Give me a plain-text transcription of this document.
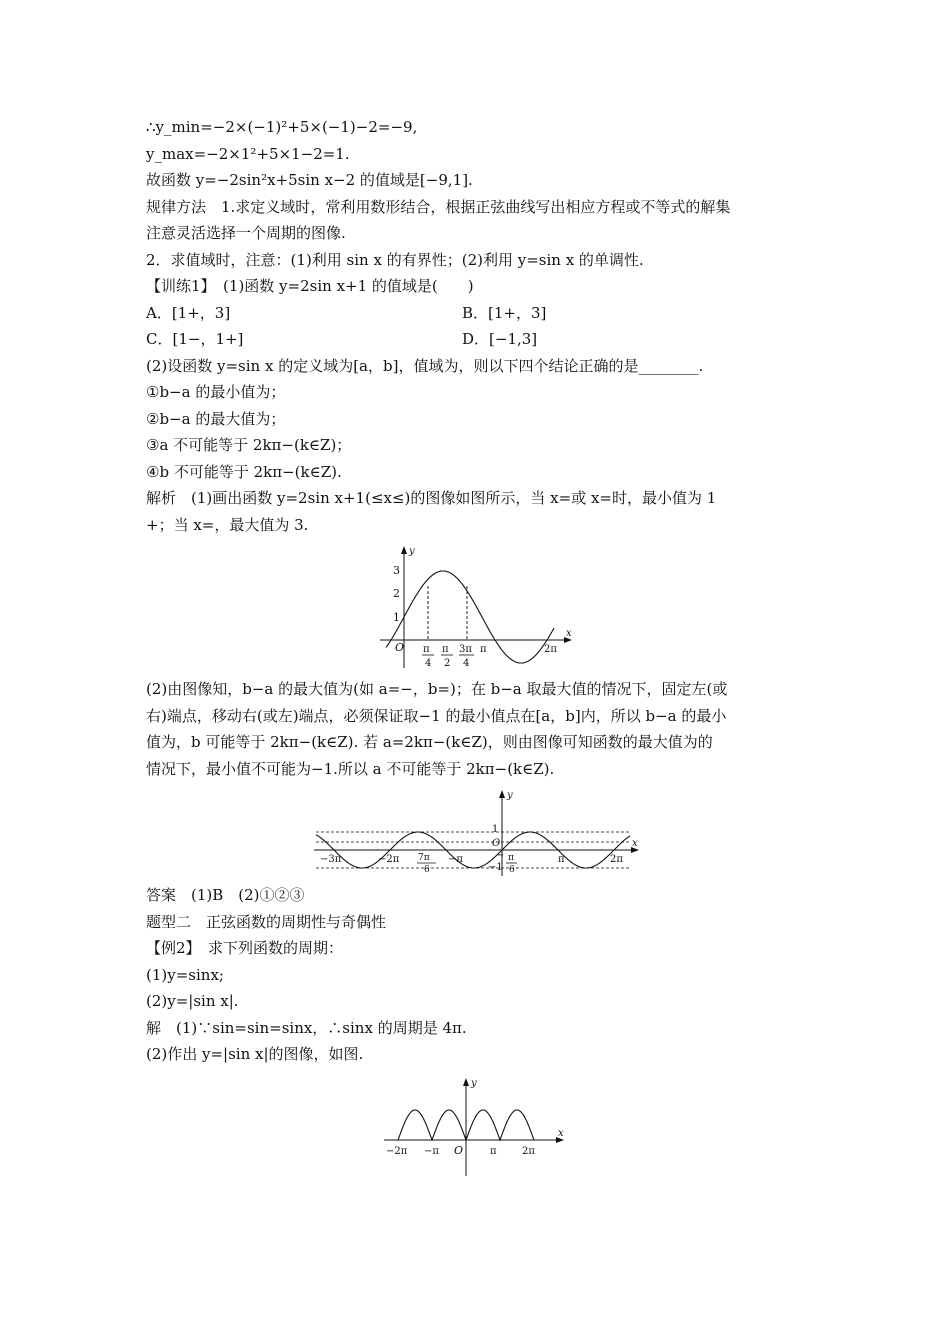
∴y_min=−2×(−1)²+5×(−1)−2=−9,
y_max=−2×1²+5×1−2=1.
故函数 y=−2sin²x+5sin x−2 的值域是[−9,1].
规律方法　1.求定义域时，常利用数形结合，根据正弦曲线写出相应方程或不等式的解集
注意灵活选择一个周期的图像.
2．求值域时，注意：(1)利用 sin x 的有界性；(2)利用 y=sin x 的单调性.
【训练1】　(1)函数 y=2sin x+1 的值域是(　　)
A．[1+，3]	B．[1+，3]
C．[1−，1+]	D．[−1,3]
(2)设函数 y=sin x 的定义域为[a，b]，值域为，则以下四个结论正确的是________.
①b−a 的最小值为；
②b−a 的最大值为；
③a 不可能等于 2kπ−(k∈Z)；
④b 不可能等于 2kπ−(k∈Z).
解析　(1)画出函数 y=2sin x+1(≤x≤)的图像如图所示，当 x=或 x=时，最小值为 1
+；当 x=，最大值为 3.
x
y
O
1
2
3
π
4
π
2
3π
4
π	2π
(2)由图像知，b−a 的最大值为(如 a=−，b=)；在 b−a 取最大值的情况下，固定左(或
右)端点，移动右(或左)端点，必须保证取−1 的最小值点在[a，b]内，所以 b−a 的最小
值为，b 可能等于 2kπ−(k∈Z). 若 a=2kπ−(k∈Z)，则由图像可知函数的最大值为的
情况下，最小值不可能为−1.所以 a 不可能等于 2kπ−(k∈Z).
x
y
O
−3π	−2π 7π
6
−π	π
6
π	2π
1
−1
−
答案　(1)B　(2)①②③
题型二　正弦函数的周期性与奇偶性
【例2】　求下列函数的周期：
(1)y=sinx;
(2)y=|sin x|.
解　(1)∵sin=sin=sinx，∴sinx 的周期是 4π.
(2)作出 y=|sin x|的图像，如图.
x
y
O
−2π −π	π	2π
